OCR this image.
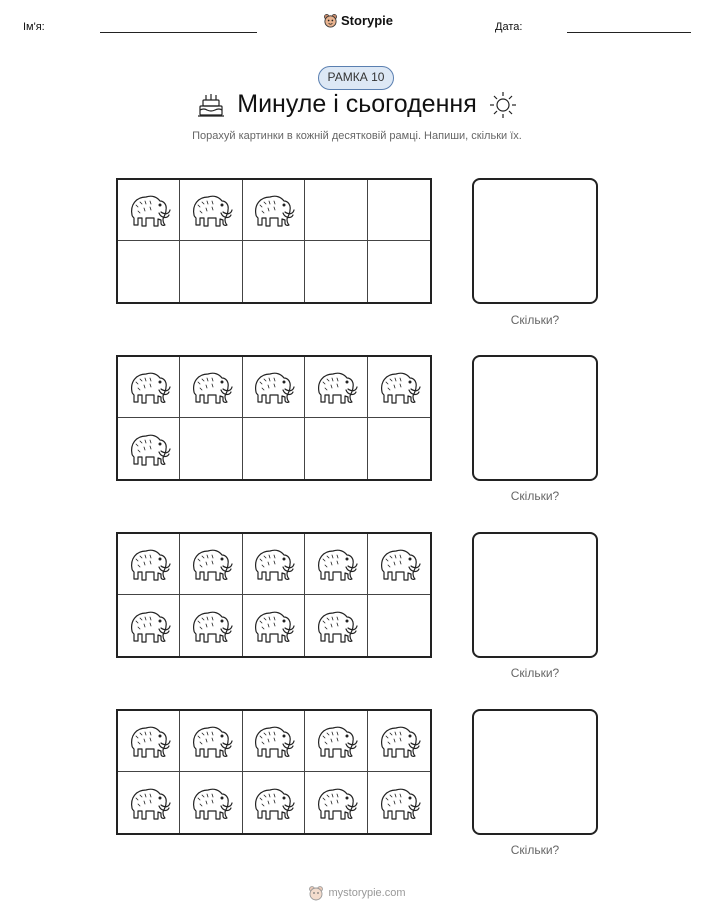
Ім'я:	Storypie	Дата:
РАМКА 10
Минуле і сьогодення
Порахуй картинки в кожній десятковій рамці. Напиши, скільки їх.
Скільки?
Скільки?
Скільки?
Скільки?
mystorypie.com
